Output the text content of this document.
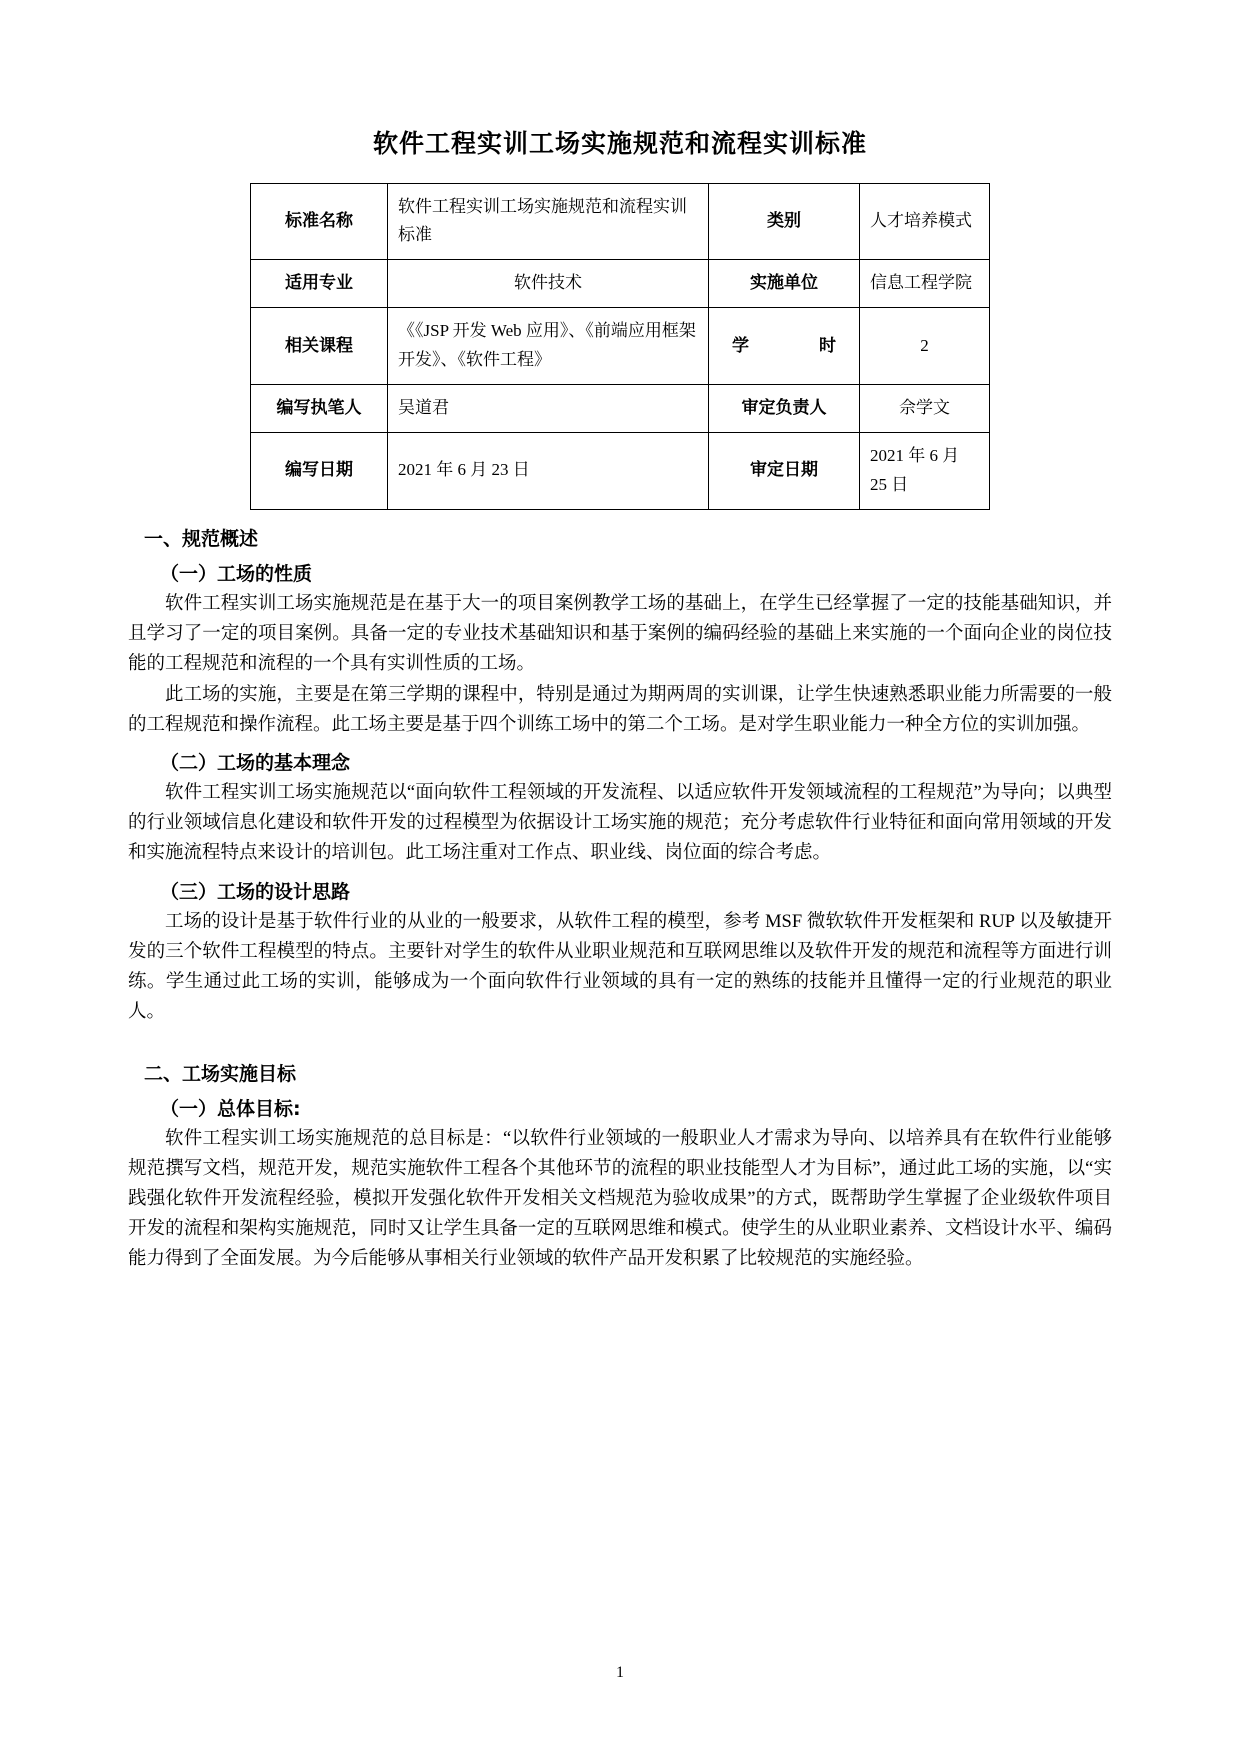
软件工程实训工场实施规范和流程实训标准
标准名称	软件工程实训工场实施规范和流程实训标准	类别	人才培养模式
适用专业	软件技术	实施单位	信息工程学院
相关课程	《《JSP 开发 Web 应用》、《前端应用框架开发》、《软件工程》	学　　时	2
编写执笔人	吴道君	审定负责人	佘学文
编写日期	2021 年 6 月 23 日	审定日期	2021 年 6 月 25 日
一、规范概述
（一）工场的性质

软件工程实训工场实施规范是在基于大一的项目案例教学工场的基础上，在学生已经掌握了一定的技能基础知识，并且学习了一定的项目案例。具备一定的专业技术基础知识和基于案例的编码经验的基础上来实施的一个面向企业的岗位技能的工程规范和流程的一个具有实训性质的工场。

此工场的实施，主要是在第三学期的课程中，特别是通过为期两周的实训课，让学生快速熟悉职业能力所需要的一般的工程规范和操作流程。此工场主要是基于四个训练工场中的第二个工场。是对学生职业能力一种全方位的实训加强。

（二）工场的基本理念

软件工程实训工场实施规范以“面向软件工程领域的开发流程、以适应软件开发领域流程的工程规范”为导向；以典型的行业领域信息化建设和软件开发的过程模型为依据设计工场实施的规范；充分考虑软件行业特征和面向常用领域的开发和实施流程特点来设计的培训包。此工场注重对工作点、职业线、岗位面的综合考虑。

（三）工场的设计思路

工场的设计是基于软件行业的从业的一般要求，从软件工程的模型，参考 MSF 微软软件开发框架和 RUP 以及敏捷开发的三个软件工程模型的特点。主要针对学生的软件从业职业规范和互联网思维以及软件开发的规范和流程等方面进行训练。学生通过此工场的实训，能够成为一个面向软件行业领域的具有一定的熟练的技能并且懂得一定的行业规范的职业人。

二、工场实施目标
（一）总体目标:

软件工程实训工场实施规范的总目标是：“以软件行业领域的一般职业人才需求为导向、以培养具有在软件行业能够规范撰写文档，规范开发，规范实施软件工程各个其他环节的流程的职业技能型人才为目标”，通过此工场的实施，以“实践强化软件开发流程经验，模拟开发强化软件开发相关文档规范为验收成果”的方式，既帮助学生掌握了企业级软件项目开发的流程和架构实施规范，同时又让学生具备一定的互联网思维和模式。使学生的从业职业素养、文档设计水平、编码能力得到了全面发展。为今后能够从事相关行业领域的软件产品开发积累了比较规范的实施经验。

1
